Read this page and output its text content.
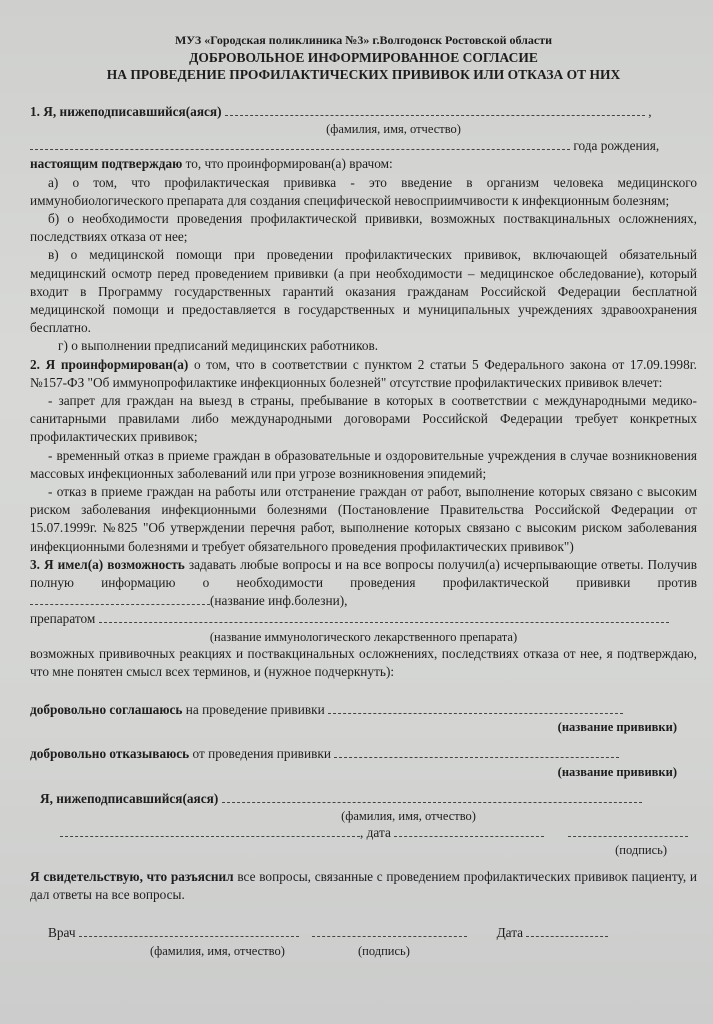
МУЗ «Городская поликлиника №3» г.Волгодонск Ростовской области
ДОБРОВОЛЬНОЕ ИНФОРМИРОВАННОЕ СОГЛАСИЕ
НА ПРОВЕДЕНИЕ ПРОФИЛАКТИЧЕСКИХ ПРИВИВОК ИЛИ ОТКАЗА ОТ НИХ

1. Я, нижеподписавшийся(аяся)	,

(фамилия, имя, отчество)

года рождения,

настоящим подтверждаю то, что проинформирован(а) врачом:

а) о том, что профилактическая прививка - это введение в организм человека медицинского иммунобиологического препарата для создания специфической невосприимчивости к инфекционным болезням;

б) о необходимости проведения профилактической прививки, возможных поствакцинальных осложнениях, последствиях отказа от нее;

в) о медицинской помощи при проведении профилактических прививок, включающей обязательный медицинский осмотр перед проведением прививки (а при необходимости – медицинское обследование), который входит в Программу государственных гарантий оказания гражданам Российской Федерации бесплатной медицинской помощи и предоставляется в государственных и муниципальных учреждениях здравоохранения бесплатно.

г) о выполнении предписаний медицинских работников.

2. Я проинформирован(а) о том, что в соответствии с пунктом 2 статьи 5 Федерального закона от 17.09.1998г. №157-ФЗ "Об иммунопрофилактике инфекционных болезней" отсутствие профилактических прививок влечет:

- запрет для граждан на выезд в страны, пребывание в которых в соответствии с международными медико-санитарными правилами либо международными договорами Российской Федерации требует конкретных профилактических прививок;

- временный отказ в приеме граждан в образовательные и оздоровительные учреждения в случае возникновения массовых инфекционных заболеваний или при угрозе возникновения эпидемий;

- отказ в приеме граждан на работы или отстранение граждан от работ, выполнение которых связано с высоким риском заболевания инфекционными болезнями (Постановление Правительства Российской Федерации от 15.07.1999г. №825 "Об утверждении перечня работ, выполнение которых связано с высоким риском заболевания инфекционными болезнями и требует обязательного проведения профилактических прививок")

3. Я имел(а) возможность задавать любые вопросы и на все вопросы получил(а) исчерпывающие ответы. Получив полную информацию о необходимости проведения профилактической прививки против (название инф.болезни),

препаратом

(название иммунологического лекарственного препарата)

возможных прививочных реакциях и поствакцинальных осложнениях, последствиях отказа от нее, я подтверждаю, что мне понятен смысл всех терминов, и (нужное подчеркнуть):

добровольно соглашаюсь на проведение прививки

(название прививки)

добровольно отказываюсь от проведения прививки

(название прививки)

Я, нижеподписавшийся(аяся)

(фамилия, имя, отчество)

, дата

(подпись)

Я свидетельствую, что разъяснил все вопросы, связанные с проведением профилактических прививок пациенту, и дал ответы на все вопросы.

Врач	Дата

(фамилия, имя, отчество)	(подпись)
